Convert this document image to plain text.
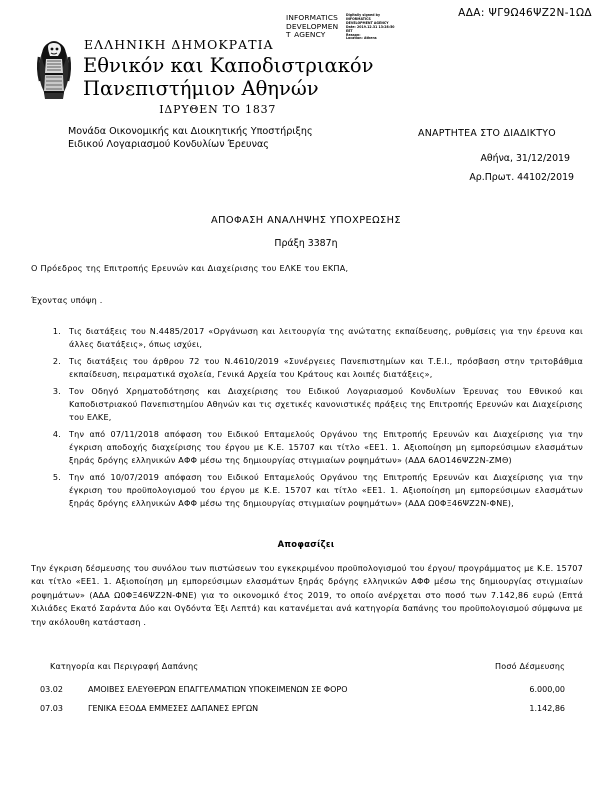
ΑΔΑ: ΨΓ9Ω46ΨΖ2Ν-1ΩΔ
INFORMATICS
DEVELOPMEN
T AGENCY
Digitally signed by
INFORMATICS
DEVELOPMENT AGENCY
Date: 2019.12.31 13:28:50
EET
Reason:
Location: Athens
ΕΛΛΗΝΙΚΗ ΔΗΜΟΚΡΑΤΙΑ
Εθνικόν και Καποδιστριακόν
Πανεπιστήμιον Αθηνών
ΙΔΡΥΘΕΝ ΤΟ 1837
Μονάδα Οικονομικής και Διοικητικής Υποστήριξης
Ειδικού Λογαριασμού Κονδυλίων Έρευνας
ΑΝΑΡΤΗΤΕΑ ΣΤΟ ΔΙΑΔΙΚΤΥΟ
Αθήνα, 31/12/2019
Αρ.Πρωτ. 44102/2019
ΑΠΟΦΑΣΗ ΑΝΑΛΗΨΗΣ ΥΠΟΧΡΕΩΣΗΣ
Πράξη 3387η
Ο Πρόεδρος της Επιτροπής Ερευνών και Διαχείρισης του ΕΛΚΕ του ΕΚΠΑ,
Έχοντας υπόψη .
Τις διατάξεις του Ν.4485/2017 «Οργάνωση και λειτουργία της ανώτατης εκπαίδευσης, ρυθμίσεις για την έρευνα και άλλες διατάξεις», όπως ισχύει,
Τις διατάξεις του άρθρου 72 του Ν.4610/2019 «Συνέργειες Πανεπιστημίων και Τ.Ε.Ι., πρόσβαση στην τριτοβάθμια εκπαίδευση, πειραματικά σχολεία, Γενικά Αρχεία του Κράτους και λοιπές διατάξεις»,
Τον Οδηγό Χρηματοδότησης και Διαχείρισης του Ειδικού Λογαριασμού Κονδυλίων Έρευνας του Εθνικού και Καποδιστριακού Πανεπιστημίου Αθηνών και τις σχετικές κανονιστικές πράξεις της Επιτροπής Ερευνών και Διαχείρισης του ΕΛΚΕ,
Την από 07/11/2018 απόφαση του Ειδικού Επταμελούς Οργάνου της Επιτροπής Ερευνών και Διαχείρισης για την έγκριση αποδοχής διαχείρισης του έργου με Κ.Ε. 15707 και τίτλο «ΕΕ1. 1. Αξιοποίηση μη εμπορεύσιμων ελασμάτων ξηράς δρόγης ελληνικών ΑΦΦ μέσω της δημιουργίας στιγμιαίων ροψημάτων» (ΑΔΑ 6ΑΟ146ΨΖ2Ν-ΖΜΘ)
Την από 10/07/2019 απόφαση του Ειδικού Επταμελούς Οργάνου της Επιτροπής Ερευνών και Διαχείρισης για την έγκριση του προϋπολογισμού του έργου με Κ.Ε. 15707 και τίτλο «ΕΕ1. 1. Αξιοποίηση μη εμπορεύσιμων ελασμάτων ξηράς δρόγης ελληνικών ΑΦΦ μέσω της δημιουργίας στιγμιαίων ροψημάτων» (ΑΔΑ Ω0ΦΞ46ΨΖ2Ν-ΦΝΕ),
Αποφασίζει
Την έγκριση δέσμευσης του συνόλου των πιστώσεων του εγκεκριμένου προϋπολογισμού του έργου/ προγράμματος με Κ.Ε. 15707 και τίτλο «ΕΕ1. 1. Αξιοποίηση μη εμπορεύσιμων ελασμάτων ξηράς δρόγης ελληνικών ΑΦΦ μέσω της δημιουργίας στιγμιαίων ροψημάτων» (ΑΔΑ Ω0ΦΞ46ΨΖ2Ν-ΦΝΕ) για το οικονομικό έτος 2019, το οποίο ανέρχεται στο ποσό των 7.142,86 ευρώ (Επτά Χιλιάδες Εκατό Σαράντα Δύο και Ογδόντα Έξι Λεπτά) και κατανέμεται ανά κατηγορία δαπάνης του προϋπολογισμού σύμφωνα με την ακόλουθη κατάσταση .
Κατηγορία και Περιγραφή Δαπάνης		Ποσό Δέσμευσης
03.02	ΑΜΟΙΒΕΣ ΕΛΕΥΘΕΡΩΝ ΕΠΑΓΓΕΛΜΑΤΙΩΝ ΥΠΟΚΕΙΜΕΝΩΝ ΣΕ ΦΟΡΟ	6.000,00
07.03	ΓΕΝΙΚΑ ΕΞΟΔΑ ΕΜΜΕΣΕΣ ΔΑΠΑΝΕΣ ΕΡΓΩΝ	1.142,86
